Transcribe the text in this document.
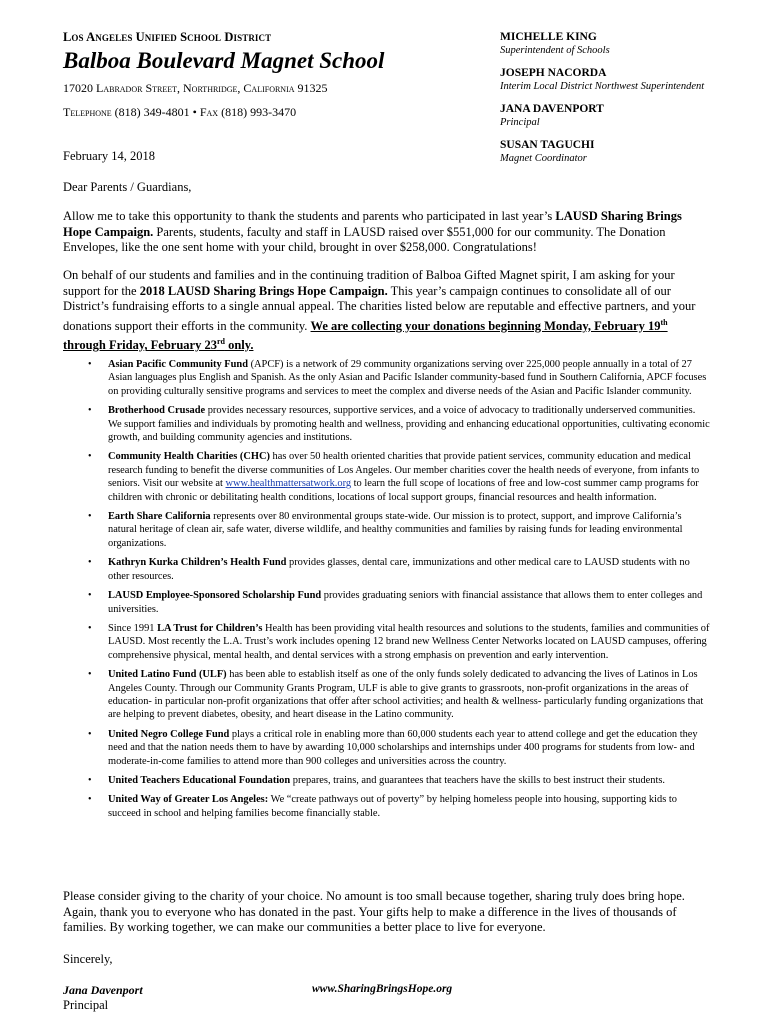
Los Angeles Unified School District
Balboa Boulevard Magnet School
17020 Labrador Street, Northridge, California 91325
Telephone (818) 349-4801 • Fax (818) 993-3470
MICHELLE KING
Superintendent of Schools
JOSEPH NACORDA
Interim Local District Northwest Superintendent
JANA DAVENPORT
Principal
SUSAN TAGUCHI
Magnet Coordinator
February 14, 2018
Dear Parents / Guardians,
Allow me to take this opportunity to thank the students and parents who participated in last year’s LAUSD Sharing Brings Hope Campaign. Parents, students, faculty and staff in LAUSD raised over $551,000 for our community. The Donation Envelopes, like the one sent home with your child, brought in over $258,000. Congratulations!
On behalf of our students and families and in the continuing tradition of Balboa Gifted Magnet spirit, I am asking for your support for the 2018 LAUSD Sharing Brings Hope Campaign. This year’s campaign continues to consolidate all of our District’s fundraising efforts to a single annual appeal. The charities listed below are reputable and effective partners, and your donations support their efforts in the community. We are collecting your donations beginning Monday, February 19th through Friday, February 23rd only.
• Asian Pacific Community Fund (APCF) is a network of 29 community organizations serving over 225,000 people annually in a total of 27 Asian languages plus English and Spanish. As the only Asian and Pacific Islander community-based fund in Southern California, APCF focuses on providing culturally sensitive programs and services to meet the complex and diverse needs of the Asian and Pacific Islander community.
• Brotherhood Crusade provides necessary resources, supportive services, and a voice of advocacy to traditionally underserved communities. We support families and individuals by promoting health and wellness, providing and enhancing educational opportunities, cultivating economic growth, and building community agencies and institutions.
• Community Health Charities (CHC) has over 50 health oriented charities that provide patient services, community education and medical research funding to benefit the diverse communities of Los Angeles. Our member charities cover the health needs of everyone, from infants to seniors. Visit our website at www.healthmattersatwork.org to learn the full scope of locations of free and low-cost summer camp programs for children with chronic or debilitating health conditions, locations of local support groups, financial resources and health information.
• Earth Share California represents over 80 environmental groups state-wide. Our mission is to protect, support, and improve California’s natural heritage of clean air, safe water, diverse wildlife, and healthy communities and families by raising funds for leading environmental organizations.
• Kathryn Kurka Children’s Health Fund provides glasses, dental care, immunizations and other medical care to LAUSD students with no other resources.
• LAUSD Employee-Sponsored Scholarship Fund provides graduating seniors with financial assistance that allows them to enter colleges and universities.
• Since 1991 LA Trust for Children’s Health has been providing vital health resources and solutions to the students, families and communities of LAUSD. Most recently the L.A. Trust’s work includes opening 12 brand new Wellness Center Networks located on LAUSD campuses, offering comprehensive physical, mental health, and dental services with a strong emphasis on prevention and early intervention.
• United Latino Fund (ULF) has been able to establish itself as one of the only funds solely dedicated to advancing the lives of Latinos in Los Angeles County. Through our Community Grants Program, ULF is able to give grants to grassroots, non-profit organizations in the areas of education- in particular non-profit organizations that offer after school activities; and health & wellness- particularly funding organizations that are helping to prevent diabetes, obesity, and heart disease in the Latino community.
• United Negro College Fund plays a critical role in enabling more than 60,000 students each year to attend college and get the education they need and that the nation needs them to have by awarding 10,000 scholarships and internships under 400 programs for students from low- and moderate-in-come families to attend more than 900 colleges and universities across the country.
• United Teachers Educational Foundation prepares, trains, and guarantees that teachers have the skills to best instruct their students.
• United Way of Greater Los Angeles: We “create pathways out of poverty” by helping homeless people into housing, supporting kids to succeed in school and helping families become financially stable.
Please consider giving to the charity of your choice. No amount is too small because together, sharing truly does bring hope. Again, thank you to everyone who has donated in the past. Your gifts help to make a difference in the lives of thousands of families. By working together, we can make our communities a better place to live for everyone.
Sincerely,
Jana Davenport
Principal
www.SharingBringsHope.org
